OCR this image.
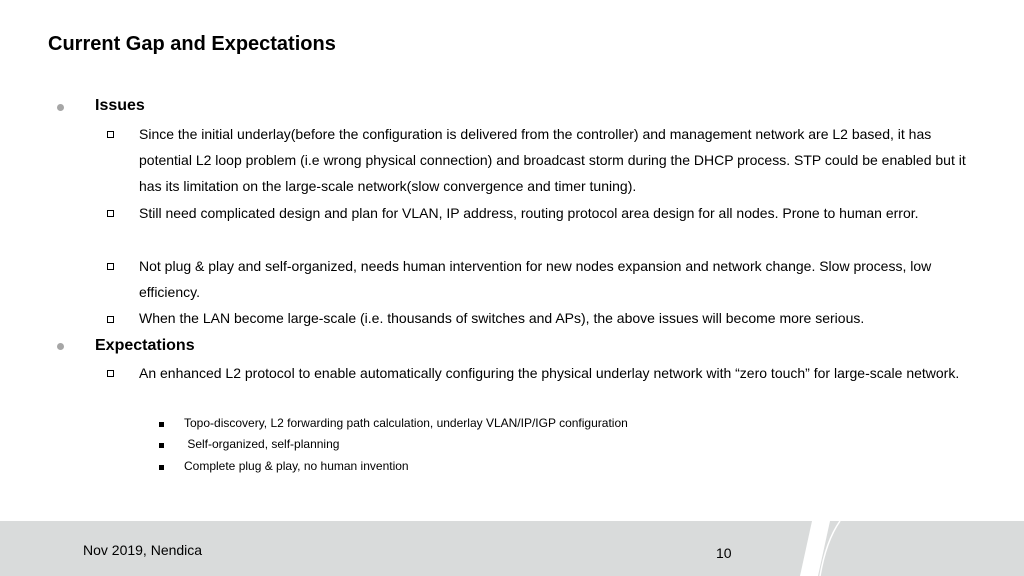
Current Gap and Expectations
Issues
Since the initial underlay(before the configuration is delivered from the controller) and management network are L2 based, it has potential L2 loop problem (i.e wrong physical connection) and broadcast storm during the DHCP process. STP could be enabled but it has its limitation on the large-scale network(slow convergence and timer tuning).
Still need complicated design and plan for VLAN, IP address, routing protocol area design for all nodes. Prone to human error.
Not plug & play and self-organized, needs human intervention for new nodes expansion and network change. Slow process, low efficiency.
When the LAN become large-scale (i.e. thousands of switches and APs), the above issues will become more serious.
Expectations
An enhanced L2 protocol to enable automatically configuring the physical underlay network with “zero touch” for large-scale network.
Topo-discovery, L2 forwarding path calculation, underlay VLAN/IP/IGP configuration
Self-organized, self-planning
Complete plug & play, no human invention
Nov 2019, Nendica	10
